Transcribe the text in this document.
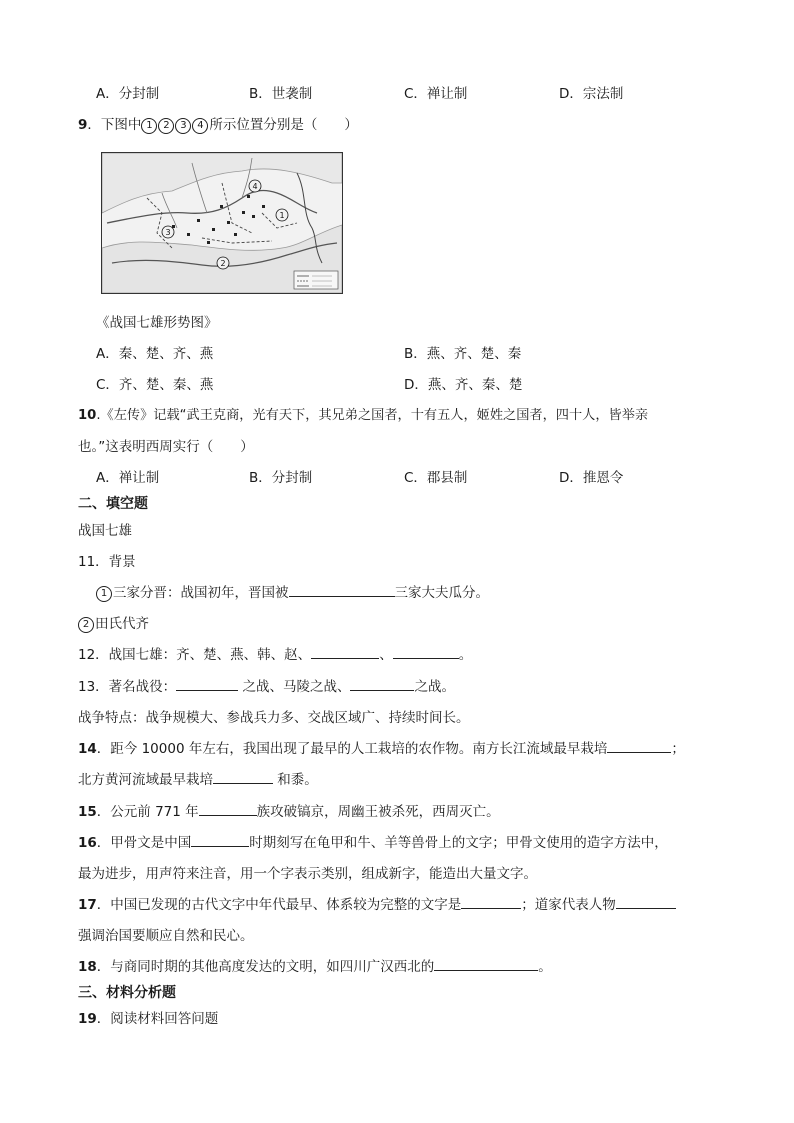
A．分封制	B．世袭制	C．禅让制	D．宗法制
9．下图中 1 2 3 4 所示位置分别是（　　）
1
2
3
4
《战国七雄形势图》
A．秦、楚、齐、燕	B．燕、齐、楚、秦
C．齐、楚、秦、燕	D．燕、齐、秦、楚
10.《左传》记载“武王克商，光有天下，其兄弟之国者，十有五人，姬姓之国者，四十人，皆举亲
也。”这表明西周实行（　　）
A．禅让制	B．分封制	C．郡县制	D．推恩令
二、填空题
战国七雄
11．背景
1 三家分晋：战国初年，晋国被	三家大夫瓜分。
2 田氏代齐
12．战国七雄：齐、楚、燕、韩、赵、	、	。
13．著名战役：	之战、马陵之战、	之战。
战争特点：战争规模大、参战兵力多、交战区域广、持续时间长。
14．距今 10000 年左右，我国出现了最早的人工栽培的农作物。南方长江流域最早栽培	；
北方黄河流域最早栽培	和黍。
15．公元前 771 年	族攻破镐京，周幽王被杀死，西周灭亡。
16．甲骨文是中国	时期刻写在龟甲和牛、羊等兽骨上的文字；甲骨文使用的造字方法中，
最为进步，用声符来注音，用一个字表示类别，组成新字，能造出大量文字。
17．中国已发现的古代文字中年代最早、体系较为完整的文字是	；道家代表人物
强调治国要顺应自然和民心。
18．与商同时期的其他高度发达的文明，如四川广汉西北的	。
三、材料分析题
19．阅读材料回答问题
